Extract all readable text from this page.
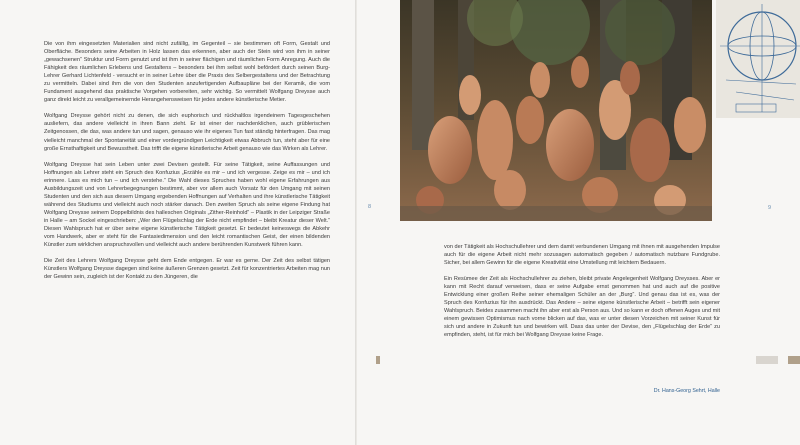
Die von ihm eingesetzten Materialien sind nicht zufällig, im Gegenteil – sie bestimmen oft Form, Gestalt und Oberfläche. Besonders seine Arbeiten in Holz lassen das erkennen, aber auch der Stein wird von ihm in seiner „gewachsenen“ Struktur und Form genutzt und ist ihm in seiner flächigen und räumlichen Form Anregung. Auch die Fähigkeit des räumlichen Erlebens und Gestaltens – besonders bei ihm selbst wohl befördert durch seinen Burg-Lehrer Gerhard Lichtenfeld - versucht er in seiner Lehre über die Praxis des Selbergestaltens und der Betrachtung zu vermitteln. Dabei sind ihm die von den Studenten anzufertigenden Aufbaupläne bei der Keramik, die vom Fundament ausgehend das praktische Vorgehen vorbereiten, sehr wichtig. So vermittelt Wolfgang Dreysse auch ganz direkt leicht zu verallgemeinernde Herangehensweisen für jedes andere künstlerische Metier.

Wolfgang Dreysse gehört nicht zu denen, die sich euphorisch und rückhaltlos irgendeinem Tagesgeschehen ausliefern, das andere vielleicht in ihren Bann zieht. Er ist einer der nachdenklichen, auch grüblerischen Zeitgenossen, die das, was andere tun und sagen, genauso wie ihr eigenes Tun fast ständig hinterfragen. Das mag vielleicht manchmal der Spontaneität und einer vordergründigen Leichtigkeit etwas Abbruch tun, steht aber für eine große Ernsthaftigkeit und Bewusstheit. Das trifft die eigene künstlerische Arbeit genauso wie das Wirken als Lehrer.

Wolfgang Dreysse hat sein Leben unter zwei Devisen gestellt. Für seine Tätigkeit, seine Auffassungen und Hoffnungen als Lehrer steht ein Spruch des Konfuzius „Erzähle es mir – und ich vergesse. Zeige es mir – und ich erinnere. Lass es mich tun – und ich verstehe.“ Die Wahl dieses Spruches haben wohl eigene Erfahrungen aus Ausbildungszeit und von Lehrerbegegnungen bestimmt, aber vor allem auch Vorsatz für den Umgang mit seinen Studenten und den sich aus diesem Umgang ergebenden Hoffnungen auf Verhalten und ihre künstlerische Tätigkeit während des Studiums und vielleicht auch noch stärker danach. Den zweiten Spruch als seine eigene Findung hat Wolfgang Dreysse seinem Doppelbildnis des halleschen Originals „Zither-Reinhold“ – Plastik in der Leipziger Straße in Halle – am Sockel eingeschrieben: „Wer den Flügelschlag der Erde nicht empfindet – bleibt Kreatur dieser Welt.“ Diesen Wahlspruch hat er über seine eigene künstlerische Tätigkeit gesetzt. Er bedeutet keineswegs die Abkehr vom Handwerk, aber er steht für die Fantasiedimension und den leicht romantischen Geist, der einen bildenden Künstler zum wirklichen anspruchsvollen und vielleicht auch andere berührenden Kunstwerk führen kann.

Die Zeit des Lehrers Wolfgang Dreysse geht dem Ende entgegen. Er war es gerne. Der Zeit des selbst tätigen Künstlers Wolfgang Dreysse dagegen sind keine äußeren Grenzen gesetzt. Zeit für konzentriertes Arbeiten mag nun der Gewinn sein, zugleich ist der Kontakt zu den Jüngeren, die

8	9

von der Tätigkeit als Hochschullehrer und dem damit verbundenen Umgang mit ihnen mit ausgehenden Impulse auch für die eigene Arbeit nicht mehr sozusagen automatisch gegeben / automatisch nutzbare Fundgrube. Sicher, bei allem Gewinn für die eigene Kreativität eine Umstellung mit leichtem Bedauern.

Ein Resümee der Zeit als Hochschullehrer zu ziehen, bleibt private Angelegenheit Wolfgang Dreysses. Aber er kann mit Recht darauf verweisen, dass er seine Aufgabe ernst genommen hat und auch auf die positive Entwicklung einer großen Reihe seiner ehemaligen Schüler an der „Burg“. Und genau das ist es, was der Spruch des Konfuzius für ihn ausdrückt. Das Andere – seine eigene künstlerische Arbeit – betrifft sein eigener Wahlspruch. Beides zusammen macht ihn aber erst als Person aus. Und so kann er doch offenen Auges und mit einem gewissen Optimismus nach vorne blicken auf das, was er unter diesen Vorzeichen mit seiner Kunst für sich und andere in Zukunft tun und bewirken will. Dass das unter der Devise, den „Flügelschlag der Erde“ zu empfinden, steht, ist für mich bei Wolfgang Dreysse keine Frage.

Dr. Hans-Georg Sehrt, Halle
